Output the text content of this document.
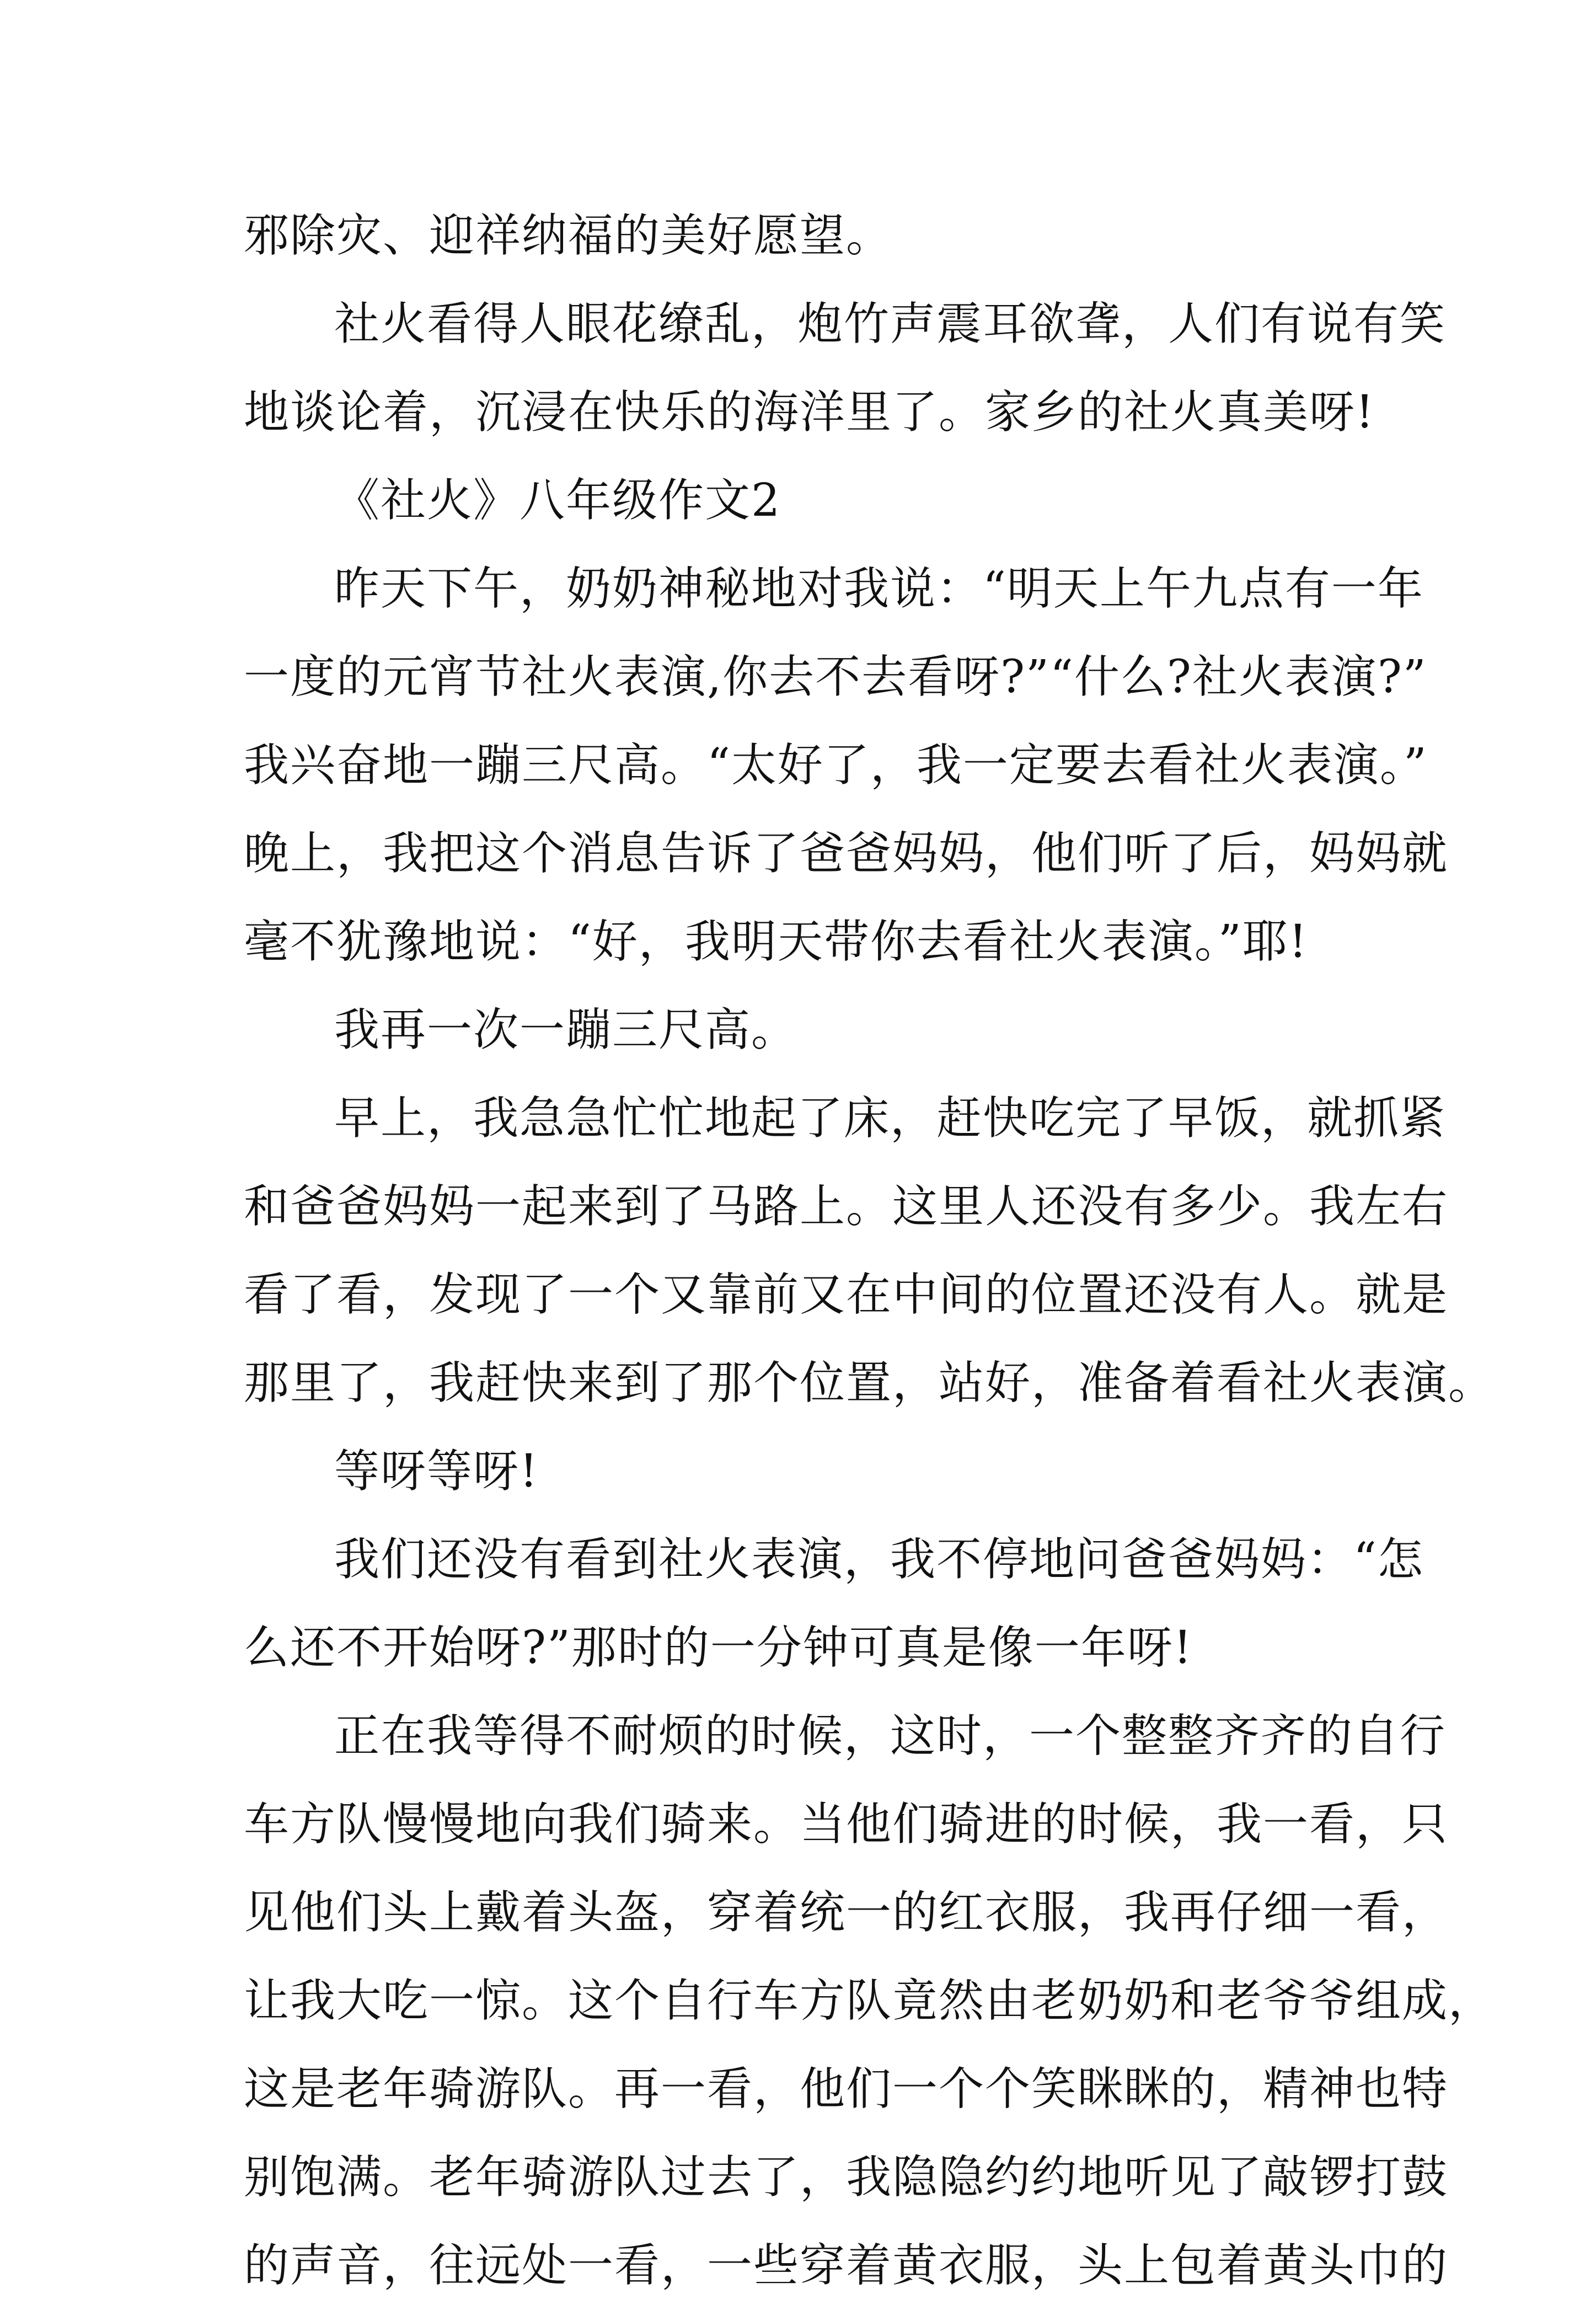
邪除灾、迎祥纳福的美好愿望。
社火看得人眼花缭乱，炮竹声震耳欲聋，人们有说有笑
地谈论着，沉浸在快乐的海洋里了。家乡的社火真美呀!
《社火》八年级作文2
昨天下午，奶奶神秘地对我说：“明天上午九点有一年
一度的元宵节社火表演,你去不去看呀?”“什么?社火表演?”
我兴奋地一蹦三尺高。“太好了，我一定要去看社火表演。”
晚上，我把这个消息告诉了爸爸妈妈，他们听了后，妈妈就
毫不犹豫地说：“好，我明天带你去看社火表演。”耶!
我再一次一蹦三尺高。
早上，我急急忙忙地起了床，赶快吃完了早饭，就抓紧
和爸爸妈妈一起来到了马路上。这里人还没有多少。我左右
看了看，发现了一个又靠前又在中间的位置还没有人。就是
那里了，我赶快来到了那个位置，站好，准备着看社火表演。
等呀等呀!
我们还没有看到社火表演，我不停地问爸爸妈妈：“怎
么还不开始呀?”那时的一分钟可真是像一年呀!
正在我等得不耐烦的时候，这时，一个整整齐齐的自行
车方队慢慢地向我们骑来。当他们骑进的时候，我一看，只
见他们头上戴着头盔，穿着统一的红衣服，我再仔细一看，
让我大吃一惊。这个自行车方队竟然由老奶奶和老爷爷组成，
这是老年骑游队。再一看，他们一个个笑眯眯的，精神也特
别饱满。老年骑游队过去了，我隐隐约约地听见了敲锣打鼓
的声音，往远处一看，一些穿着黄衣服，头上包着黄头巾的
